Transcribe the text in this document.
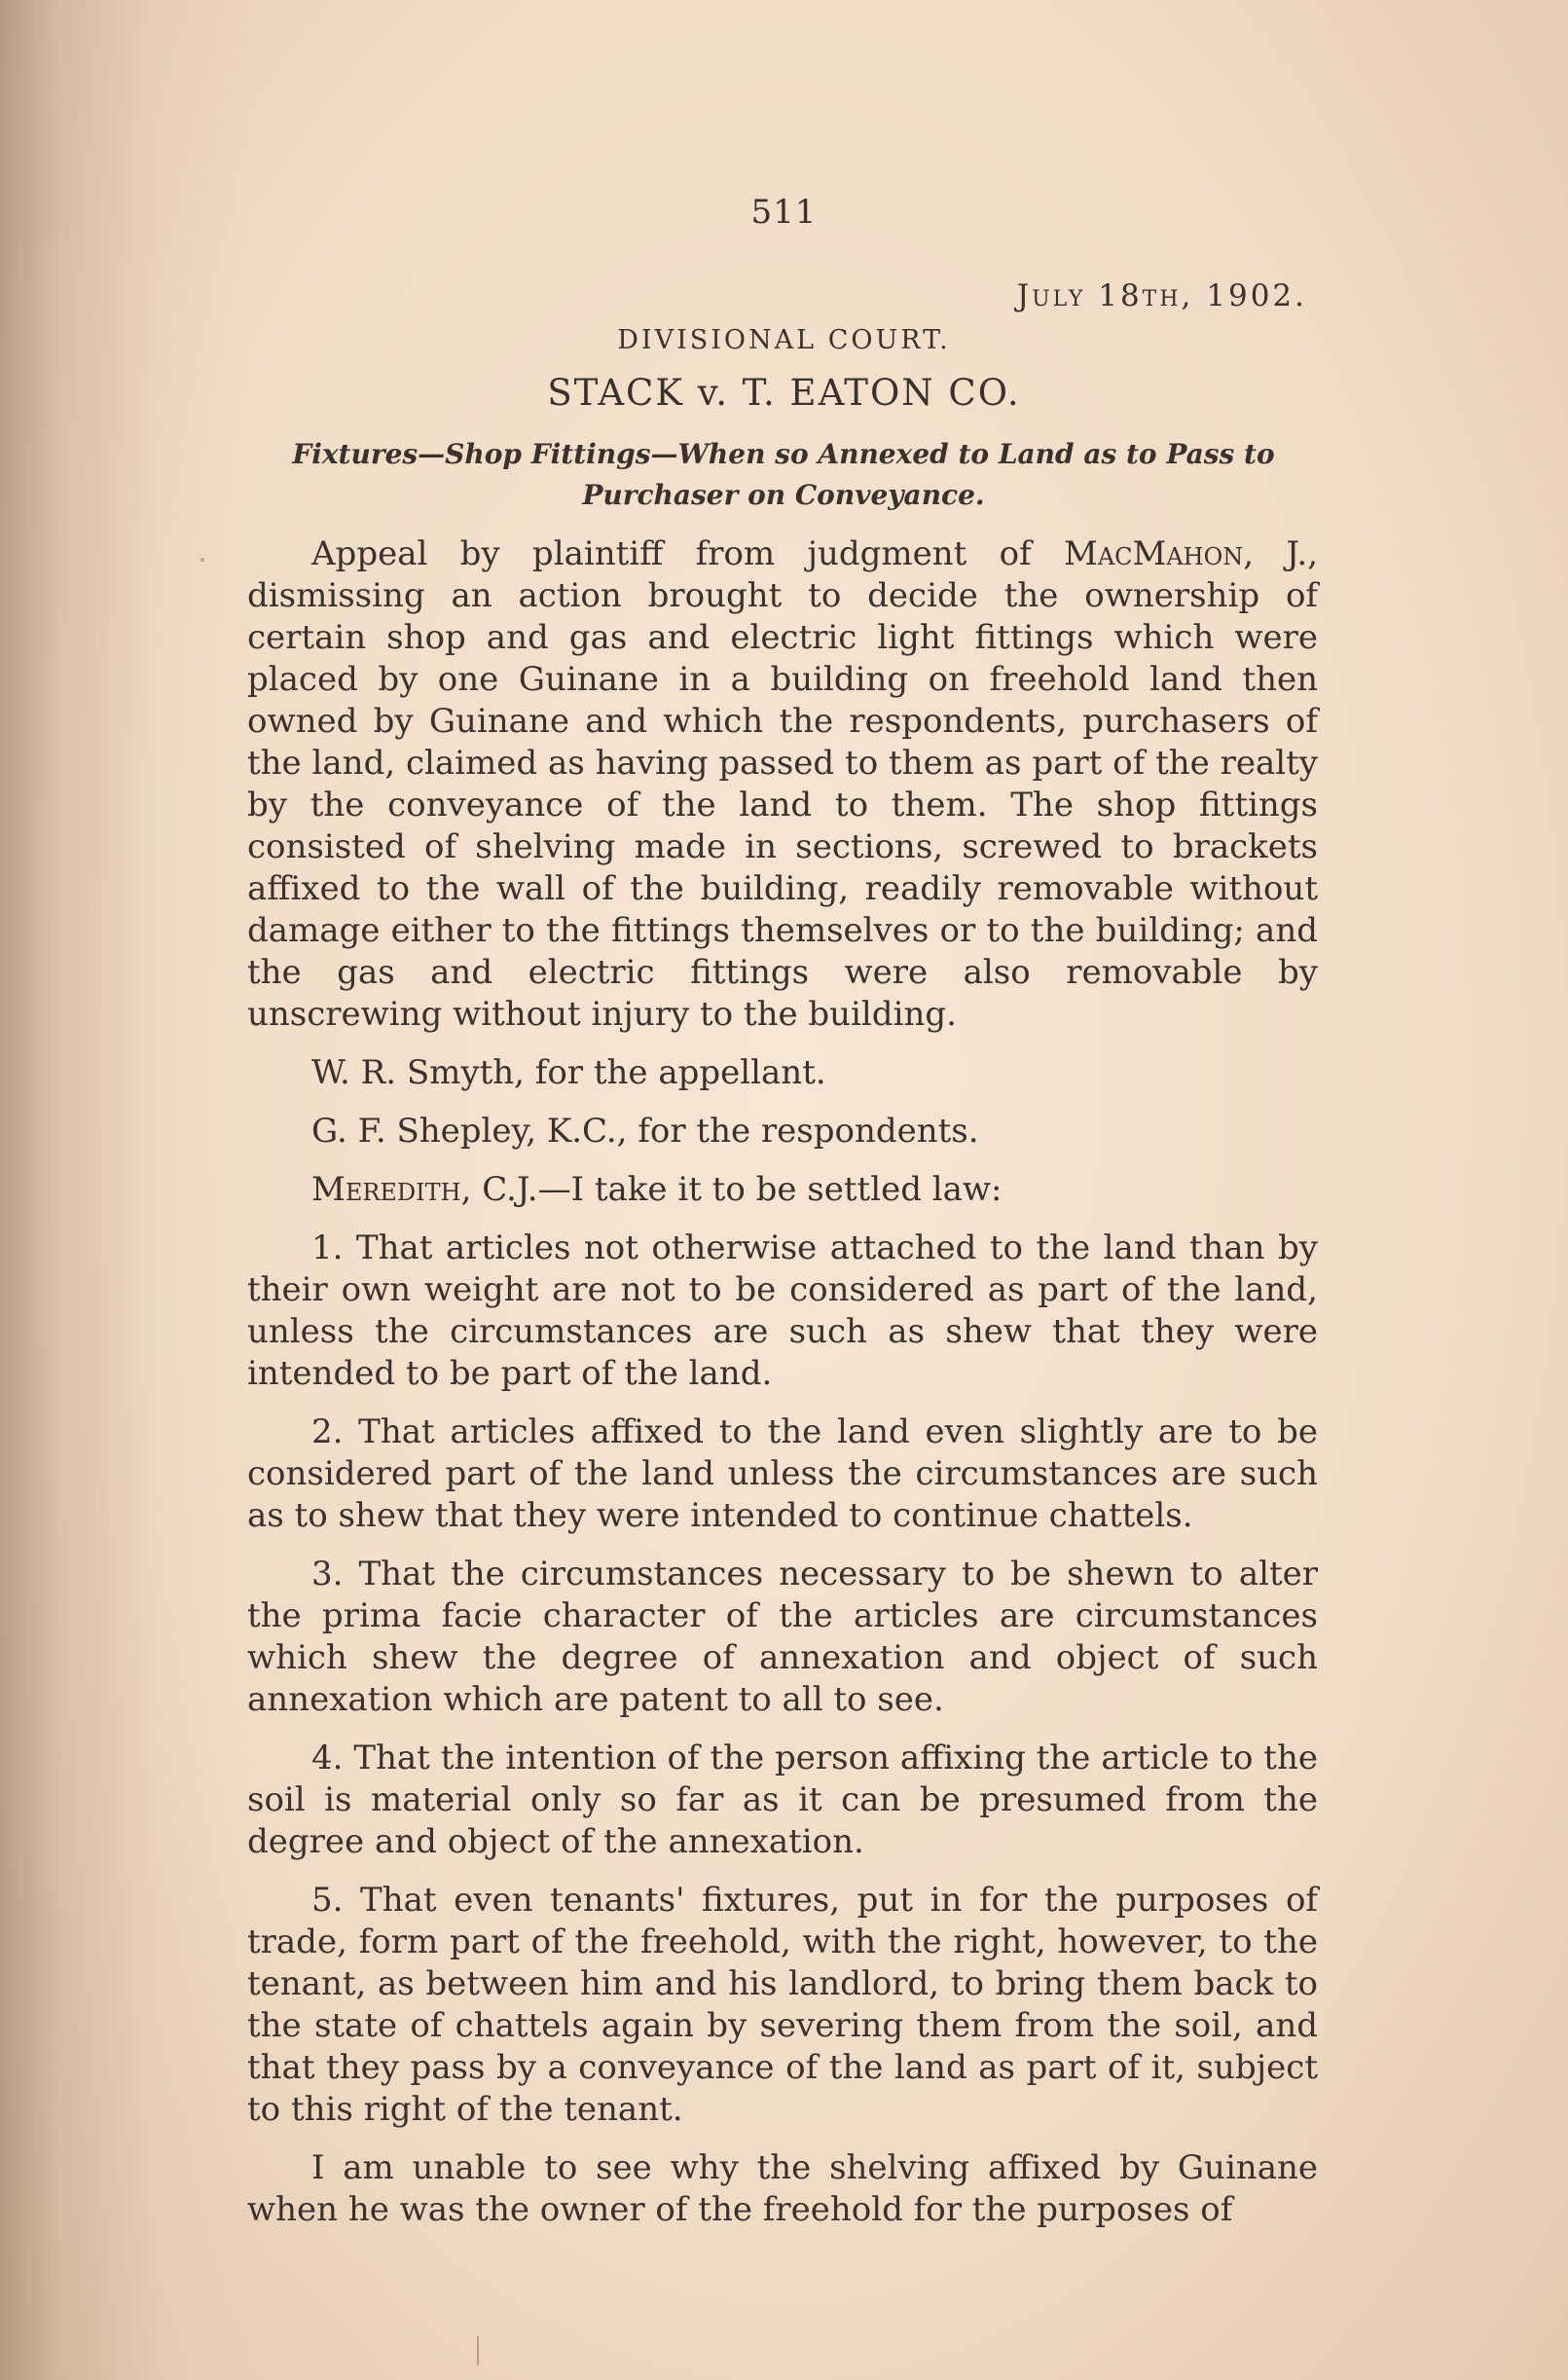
511
July 18th, 1902.
DIVISIONAL COURT.
STACK v. T. EATON CO.
Fixtures—Shop Fittings—When so Annexed to Land as to Pass to Purchaser on Conveyance.

Appeal by plaintiff from judgment of MacMahon, J., dismissing an action brought to decide the ownership of certain shop and gas and electric light fittings which were placed by one Guinane in a building on freehold land then owned by Guinane and which the respondents, purchasers of the land, claimed as having passed to them as part of the realty by the conveyance of the land to them. The shop fittings consisted of shelving made in sections, screwed to brackets affixed to the wall of the building, readily removable without damage either to the fittings themselves or to the building; and the gas and electric fittings were also removable by unscrewing without injury to the building.

W. R. Smyth, for the appellant.

G. F. Shepley, K.C., for the respondents.

Meredith, C.J.—I take it to be settled law:

1. That articles not otherwise attached to the land than by their own weight are not to be considered as part of the land, unless the circumstances are such as shew that they were intended to be part of the land.

2. That articles affixed to the land even slightly are to be considered part of the land unless the circumstances are such as to shew that they were intended to continue chattels.

3. That the circumstances necessary to be shewn to alter the prima facie character of the articles are circumstances which shew the degree of annexation and object of such annexation which are patent to all to see.

4. That the intention of the person affixing the article to the soil is material only so far as it can be presumed from the degree and object of the annexation.

5. That even tenants' fixtures, put in for the purposes of trade, form part of the freehold, with the right, however, to the tenant, as between him and his landlord, to bring them back to the state of chattels again by severing them from the soil, and that they pass by a conveyance of the land as part of it, subject to this right of the tenant.

I am unable to see why the shelving affixed by Guinane when he was the owner of the freehold for the purposes of
